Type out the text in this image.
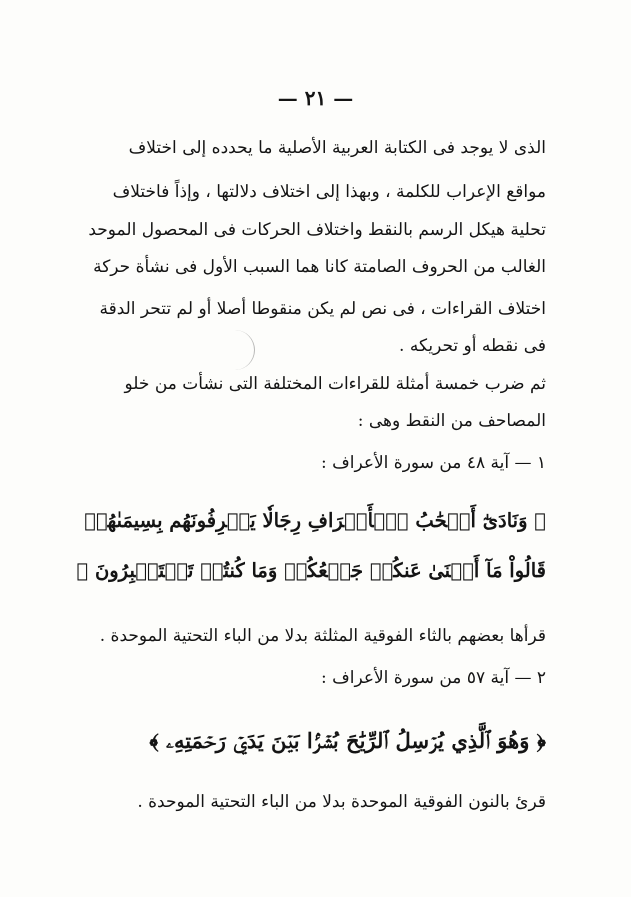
— ٢١ —
الذى لا يوجد فى الكتابة العربية الأصلية ما يحدده إلى اختلاف
مواقع الإعراب للكلمة ، وبهذا إلى اختلاف دلالتها ، وإذاً فاختلاف
تحلية هيكل الرسم بالنقط واختلاف الحركات فى المحصول الموحد
الغالب من الحروف الصامتة كانا هما السبب الأول فى نشأة حركة
اختلاف القراءات ، فى نص لم يكن منقوطا أصلا أو لم تتحر الدقة
فى نقطه أو تحريكه .
ثم ضرب خمسة أمثلة للقراءات المختلفة التى نشأت من خلو
المصاحف من النقط وهى :
١ — آية ٤٨ من سورة الأعراف :
﴿ وَنَادَىٰٓ أَصۡحَٰبُ ٱلۡأَعۡرَافِ رِجَالٗا يَعۡرِفُونَهُم بِسِيمَىٰهُمۡ
قَالُواْ مَآ أَغۡنَىٰ عَنكُمۡ جَمۡعُكُمۡ وَمَا كُنتُمۡ تَسۡتَكۡبِرُونَ ﴾
قرأها بعضهم بالثاء الفوقية المثلثة بدلا من الباء التحتية الموحدة .
٢ — آية ٥٧ من سورة الأعراف :
﴿ وَهُوَ ٱلَّذِي يُرۡسِلُ ٱلرِّيَٰحَ بُشۡرَۢا بَيۡنَ يَدَيۡ رَحۡمَتِهِۦ ﴾
قرئ بالنون الفوقية الموحدة بدلا من الباء التحتية الموحدة .
